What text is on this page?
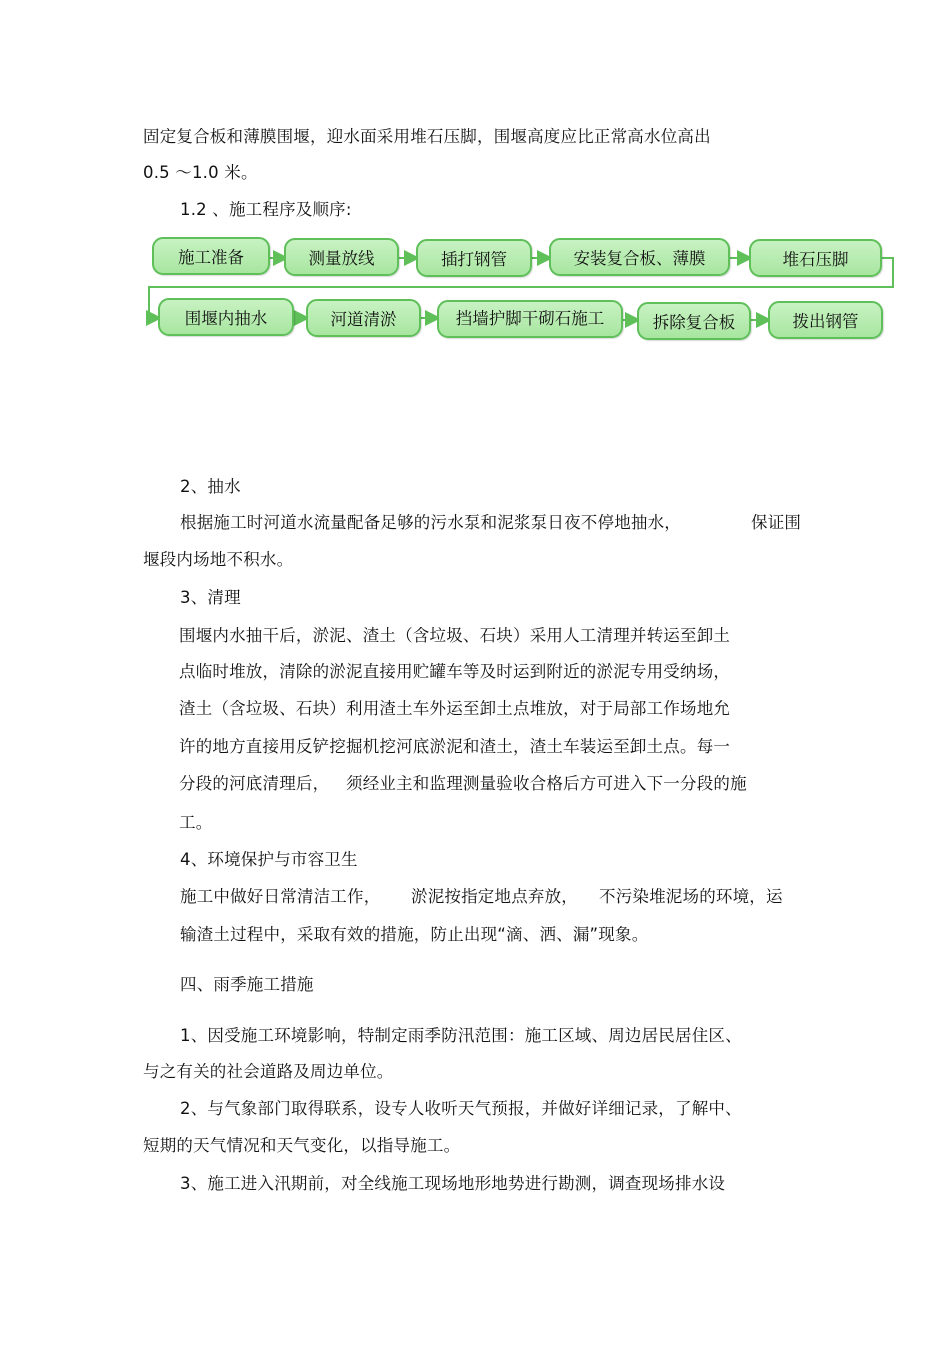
固定复合板和薄膜围堰，迎水面采用堆石压脚，围堰高度应比正常高水位高出
0.5 ～1.0 米。
1.2 、施工程序及顺序:
施工准备	测量放线	插打钢管	安装复合板、薄膜	堆石压脚
围堰内抽水	河道清淤	挡墙护脚干砌石施工	拆除复合板	拨出钢管
2、抽水
根据施工时河道水流量配备足够的污水泵和泥浆泵日夜不停地抽水，	保证围
堰段内场地不积水。
3、清理
围堰内水抽干后，淤泥、渣土（含垃圾、石块）采用人工清理并转运至卸土
点临时堆放，清除的淤泥直接用贮罐车等及时运到附近的淤泥专用受纳场，
渣土（含垃圾、石块）利用渣土车外运至卸土点堆放，对于局部工作场地允
许的地方直接用反铲挖掘机挖河底淤泥和渣土，渣土车装运至卸土点。每一
分段的河底清理后， 须经业主和监理测量验收合格后方可进入下一分段的施
工。
4、环境保护与市容卫生
施工中做好日常清洁工作， 淤泥按指定地点弃放， 不污染堆泥场的环境，运
输渣土过程中，采取有效的措施，防止出现“滴、洒、漏”现象。
四、雨季施工措施
1、因受施工环境影响，特制定雨季防汛范围：施工区域、周边居民居住区、
与之有关的社会道路及周边单位。
2、与气象部门取得联系，设专人收听天气预报，并做好详细记录，了解中、
短期的天气情况和天气变化，以指导施工。
3、施工进入汛期前，对全线施工现场地形地势进行勘测，调查现场排水设
